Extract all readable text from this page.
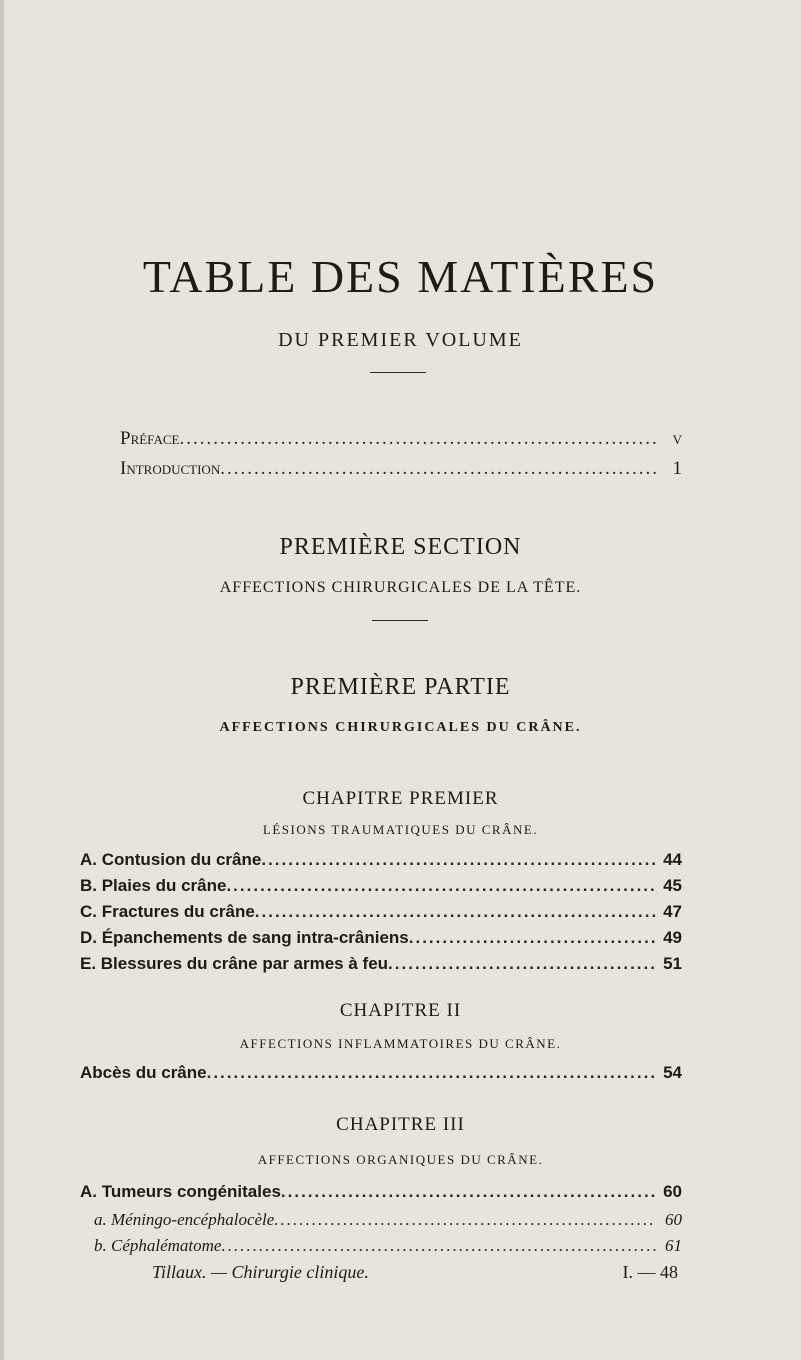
TABLE DES MATIÈRES
DU PREMIER VOLUME
Préface .....	v
Introduction .....	1
PREMIÈRE SECTION
AFFECTIONS CHIRURGICALES DE LA TÊTE.
PREMIÈRE PARTIE
AFFECTIONS CHIRURGICALES DU CRÂNE.
CHAPITRE PREMIER
LÉSIONS TRAUMATIQUES DU CRÂNE.
A. Contusion du crâne .....	44
B. Plaies du crâne .....	45
C. Fractures du crâne .....	47
D. Épanchements de sang intra-crâniens .....	49
E. Blessures du crâne par armes à feu .....	51
CHAPITRE II
AFFECTIONS INFLAMMATOIRES DU CRÂNE.
Abcès du crâne .....	54
CHAPITRE III
AFFECTIONS ORGANIQUES DU CRÂNE.
A. Tumeurs congénitales .....	60
a. Méningo-encéphalocèle .....	60
b. Céphalématome .....	61
Tillaux. — Chirurgie clinique.	I. — 48
